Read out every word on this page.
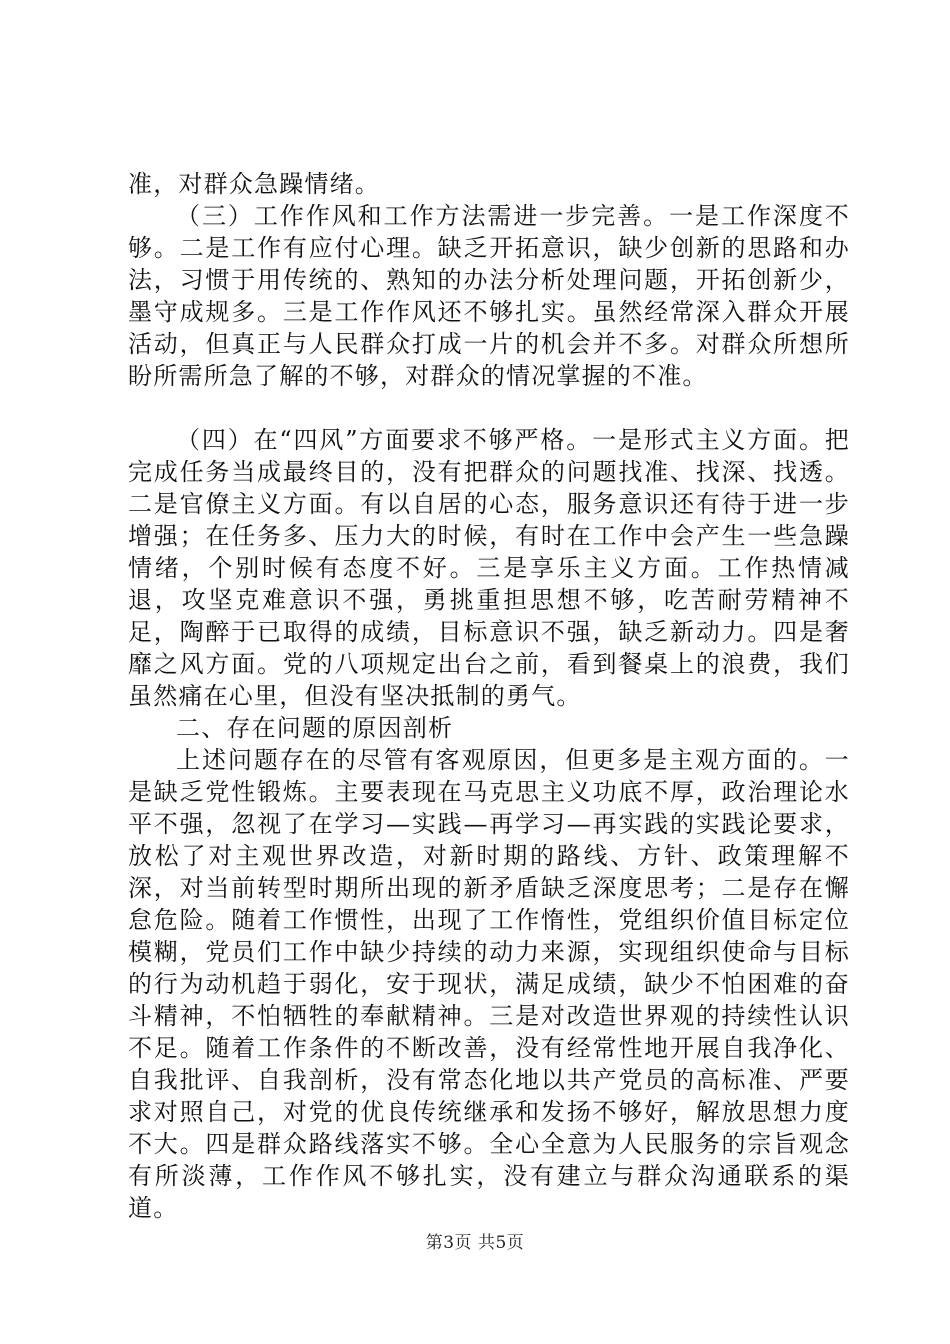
准，对群众急躁情绪。

（三）工作作风和工作方法需进一步完善。一是工作深度不够。二是工作有应付心理。缺乏开拓意识，缺少创新的思路和办法，习惯于用传统的、熟知的办法分析处理问题，开拓创新少，墨守成规多。三是工作作风还不够扎实。虽然经常深入群众开展活动，但真正与人民群众打成一片的机会并不多。对群众所想所盼所需所急了解的不够，对群众的情况掌握的不准。

（四）在“四风”方面要求不够严格。一是形式主义方面。把完成任务当成最终目的，没有把群众的问题找准、找深、找透。二是官僚主义方面。有以自居的心态，服务意识还有待于进一步增强；在任务多、压力大的时候，有时在工作中会产生一些急躁情绪，个别时候有态度不好。三是享乐主义方面。工作热情减退，攻坚克难意识不强，勇挑重担思想不够，吃苦耐劳精神不足，陶醉于已取得的成绩，目标意识不强，缺乏新动力。四是奢靡之风方面。党的八项规定出台之前，看到餐桌上的浪费，我们虽然痛在心里，但没有坚决抵制的勇气。

二、存在问题的原因剖析

上述问题存在的尽管有客观原因，但更多是主观方面的。一是缺乏党性锻炼。主要表现在马克思主义功底不厚，政治理论水平不强，忽视了在学习—实践—再学习—再实践的实践论要求，放松了对主观世界改造，对新时期的路线、方针、政策理解不深，对当前转型时期所出现的新矛盾缺乏深度思考；二是存在懈怠危险。随着工作惯性，出现了工作惰性，党组织价值目标定位模糊，党员们工作中缺少持续的动力来源，实现组织使命与目标的行为动机趋于弱化，安于现状，满足成绩，缺少不怕困难的奋斗精神，不怕牺牲的奉献精神。三是对改造世界观的持续性认识不足。随着工作条件的不断改善，没有经常性地开展自我净化、自我批评、自我剖析，没有常态化地以共产党员的高标准、严要求对照自己，对党的优良传统继承和发扬不够好，解放思想力度不大。四是群众路线落实不够。全心全意为人民服务的宗旨观念有所淡薄，工作作风不够扎实，没有建立与群众沟通联系的渠道。

第3页 共5页
